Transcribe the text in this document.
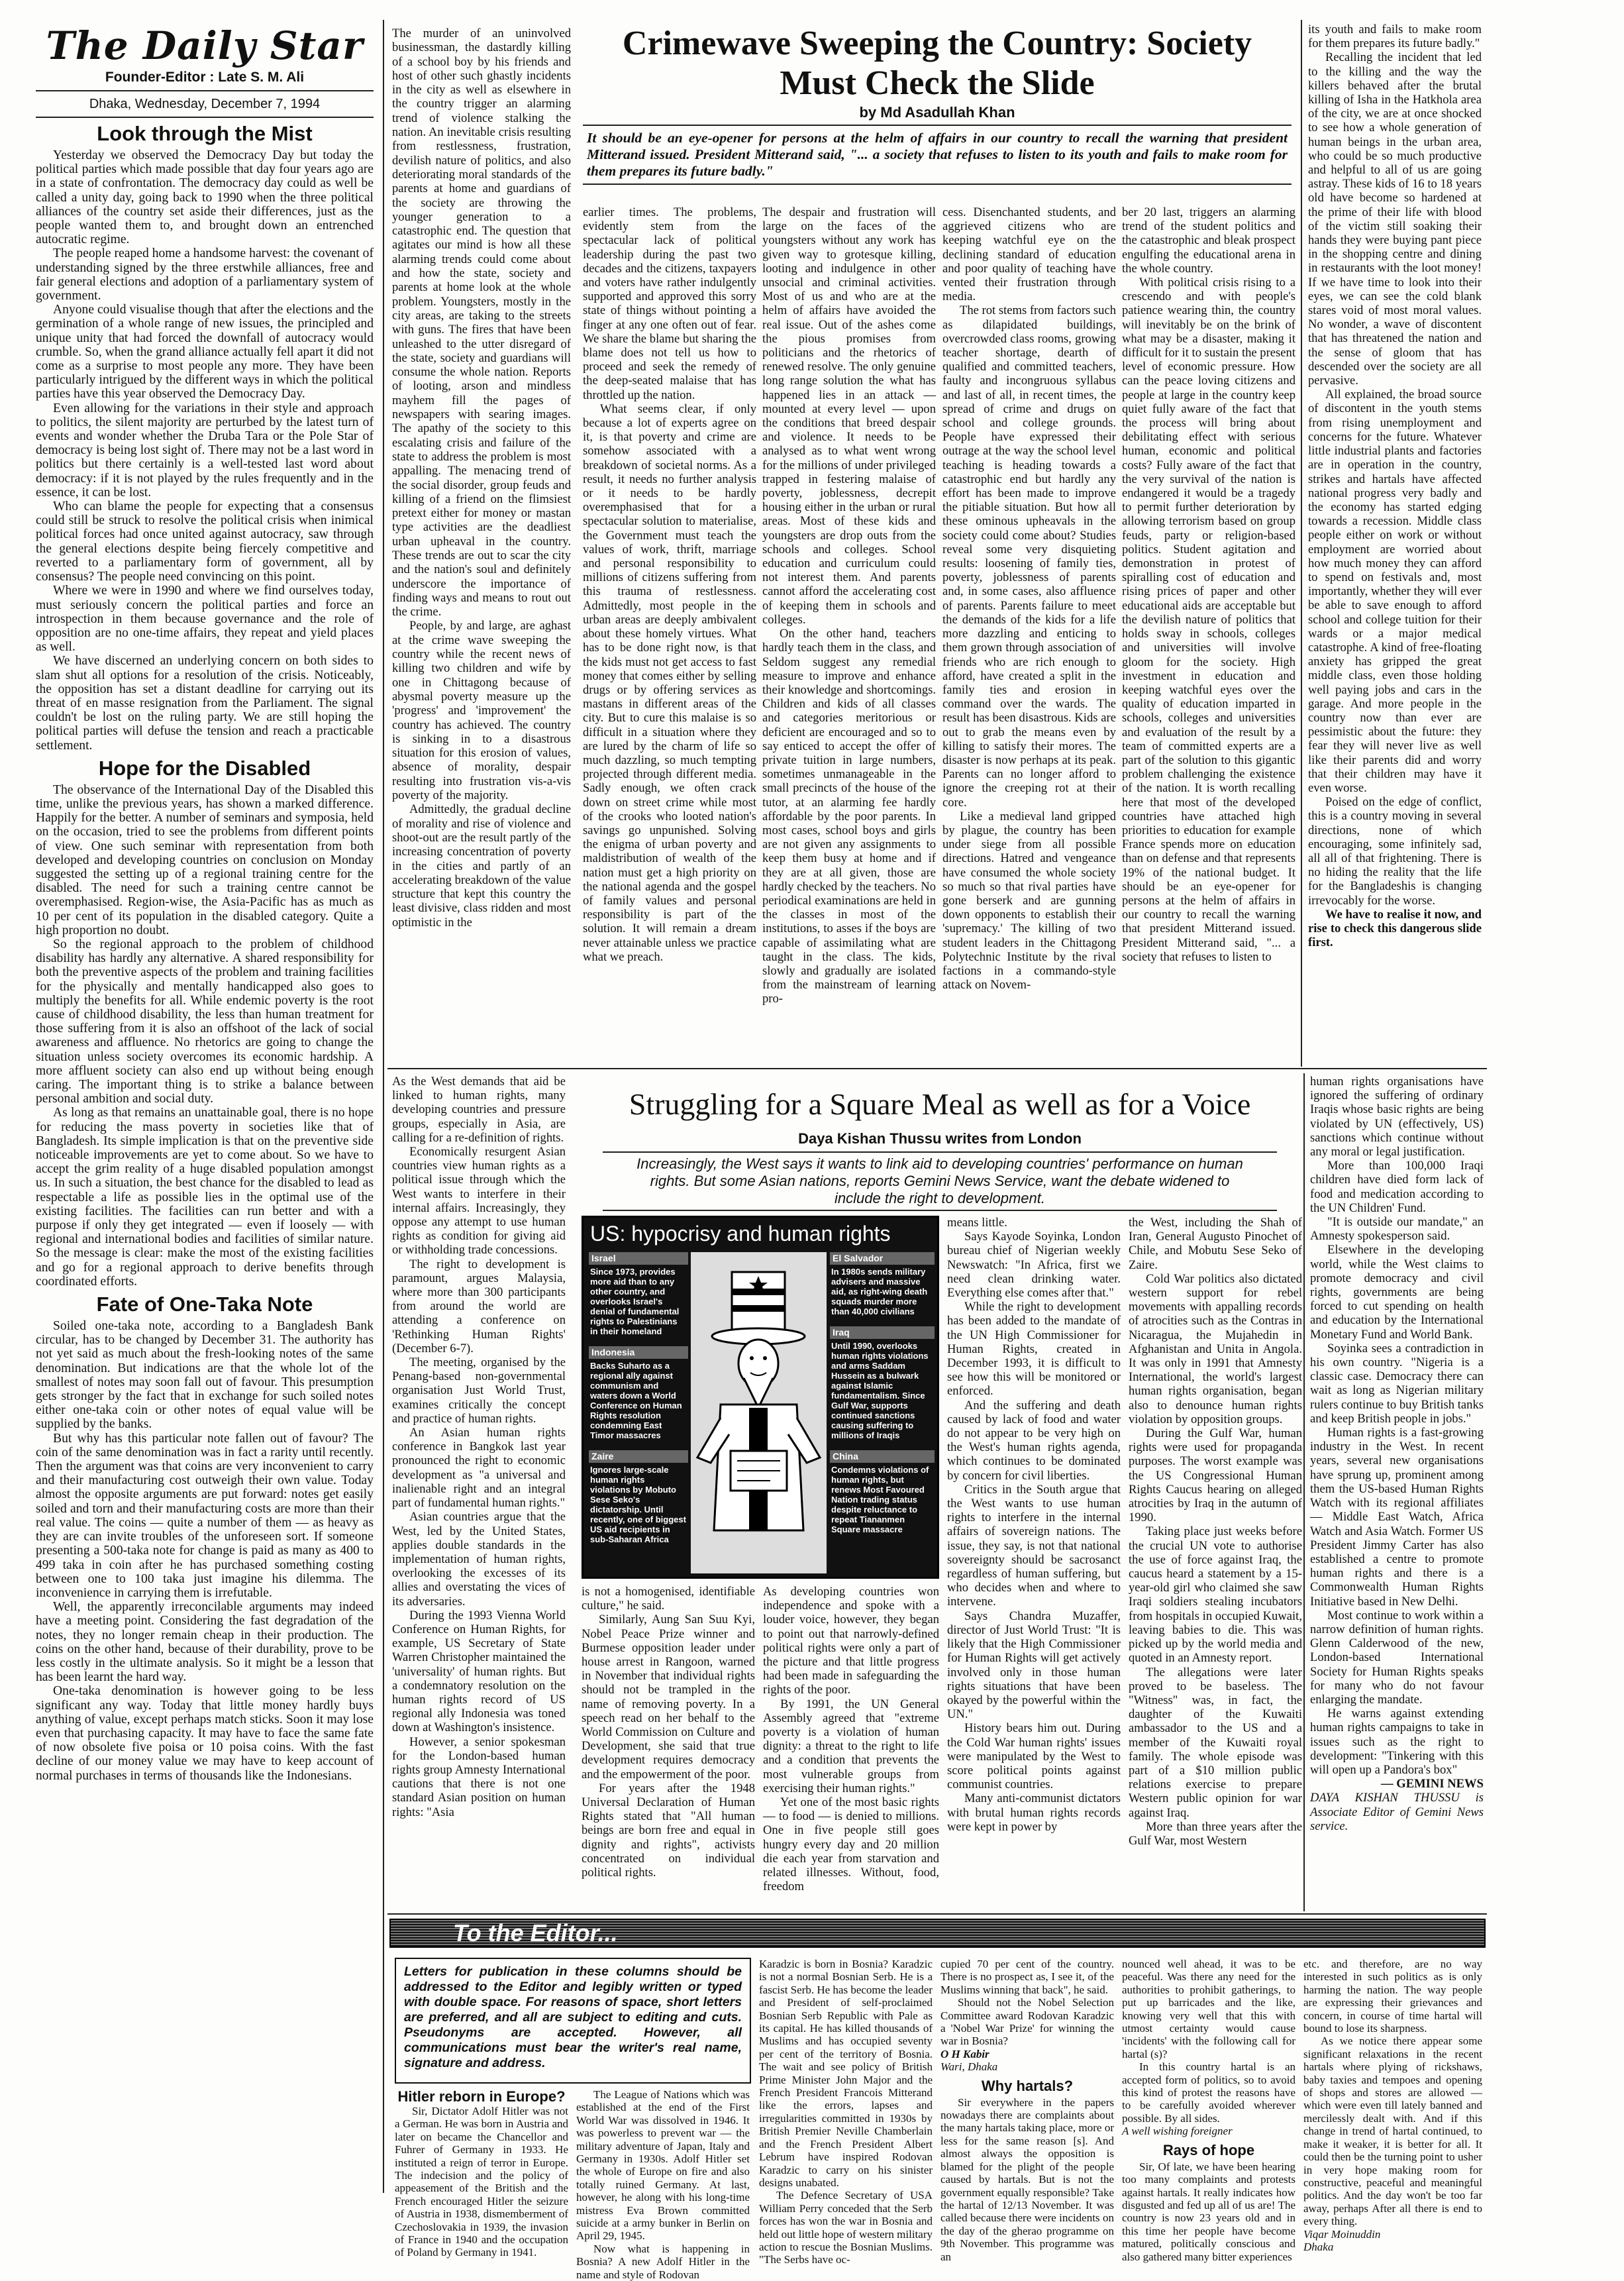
The Daily Star
Founder-Editor : Late S. M. Ali
Dhaka, Wednesday, December 7, 1994
Look through the Mist

Yesterday we observed the Democracy Day but today the political parties which made possible that day four years ago are in a state of confrontation. The democracy day could as well be called a unity day, going back to 1990 when the three political alliances of the country set aside their differences, just as the people wanted them to, and brought down an entrenched autocratic regime.

The people reaped home a handsome harvest: the covenant of understanding signed by the three erstwhile alliances, free and fair general elections and adoption of a parliamentary system of government.

Anyone could visualise though that after the elections and the germination of a whole range of new issues, the principled and unique unity that had forced the downfall of autocracy would crumble. So, when the grand alliance actually fell apart it did not come as a surprise to most people any more. They have been particularly intrigued by the different ways in which the political parties have this year observed the Democracy Day.

Even allowing for the variations in their style and approach to politics, the silent majority are perturbed by the latest turn of events and wonder whether the Druba Tara or the Pole Star of democracy is being lost sight of. There may not be a last word in politics but there certainly is a well-tested last word about democracy: if it is not played by the rules frequently and in the essence, it can be lost.

Who can blame the people for expecting that a consensus could still be struck to resolve the political crisis when inimical political forces had once united against autocracy, saw through the general elections despite being fiercely competitive and reverted to a parliamentary form of government, all by consensus? The people need convincing on this point.

Where we were in 1990 and where we find ourselves today, must seriously concern the political parties and force an introspection in them because governance and the role of opposition are no one-time affairs, they repeat and yield places as well.

We have discerned an underlying concern on both sides to slam shut all options for a resolution of the crisis. Noticeably, the opposition has set a distant deadline for carrying out its threat of en masse resignation from the Parliament. The signal couldn't be lost on the ruling party. We are still hoping the political parties will defuse the tension and reach a practicable settlement.

Hope for the Disabled

The observance of the International Day of the Disabled this time, unlike the previous years, has shown a marked difference. Happily for the better. A number of seminars and symposia, held on the occasion, tried to see the problems from different points of view. One such seminar with representation from both developed and developing countries on conclusion on Monday suggested the setting up of a regional training centre for the disabled. The need for such a training centre cannot be overemphasised. Region-wise, the Asia-Pacific has as much as 10 per cent of its population in the disabled category. Quite a high proportion no doubt.

So the regional approach to the problem of childhood disability has hardly any alternative. A shared responsibility for both the preventive aspects of the problem and training facilities for the physically and mentally handicapped also goes to multiply the benefits for all. While endemic poverty is the root cause of childhood disability, the less than human treatment for those suffering from it is also an offshoot of the lack of social awareness and affluence. No rhetorics are going to change the situation unless society overcomes its economic hardship. A more affluent society can also end up without being enough caring. The important thing is to strike a balance between personal ambition and social duty.

As long as that remains an unattainable goal, there is no hope for reducing the mass poverty in societies like that of Bangladesh. Its simple implication is that on the preventive side noticeable improvements are yet to come about. So we have to accept the grim reality of a huge disabled population amongst us. In such a situation, the best chance for the disabled to lead as respectable a life as possible lies in the optimal use of the existing facilities. The facilities can run better and with a purpose if only they get integrated — even if loosely — with regional and international bodies and facilities of similar nature. So the message is clear: make the most of the existing facilities and go for a regional approach to derive benefits through coordinated efforts.

Fate of One-Taka Note

Soiled one-taka note, according to a Bangladesh Bank circular, has to be changed by December 31. The authority has not yet said as much about the fresh-looking notes of the same denomination. But indications are that the whole lot of the smallest of notes may soon fall out of favour. This presumption gets stronger by the fact that in exchange for such soiled notes either one-taka coin or other notes of equal value will be supplied by the banks.

But why has this particular note fallen out of favour? The coin of the same denomination was in fact a rarity until recently. Then the argument was that coins are very inconvenient to carry and their manufacturing cost outweigh their own value. Today almost the opposite arguments are put forward: notes get easily soiled and torn and their manufacturing costs are more than their real value. The coins — quite a number of them — as heavy as they are can invite troubles of the unforeseen sort. If someone presenting a 500-taka note for change is paid as many as 400 to 499 taka in coin after he has purchased something costing between one to 100 taka just imagine his dilemma. The inconvenience in carrying them is irrefutable.

Well, the apparently irreconcilable arguments may indeed have a meeting point. Considering the fast degradation of the notes, they no longer remain cheap in their production. The coins on the other hand, because of their durability, prove to be less costly in the ultimate analysis. So it might be a lesson that has been learnt the hard way.

One-taka denomination is however going to be less significant any way. Today that little money hardly buys anything of value, except perhaps match sticks. Soon it may lose even that purchasing capacity. It may have to face the same fate of now obsolete five poisa or 10 poisa coins. With the fast decline of our money value we may have to keep account of normal purchases in terms of thousands like the Indonesians.

The murder of an uninvolved businessman, the dastardly killing of a school boy by his friends and host of other such ghastly incidents in the city as well as elsewhere in the country trigger an alarming trend of violence stalking the nation. An inevitable crisis resulting from restlessness, frustration, devilish nature of politics, and also deteriorating moral standards of the parents at home and guardians of the society are throwing the younger generation to a catastrophic end. The question that agitates our mind is how all these alarming trends could come about and how the state, society and parents at home look at the whole problem. Youngsters, mostly in the city areas, are taking to the streets with guns. The fires that have been unleashed to the utter disregard of the state, society and guardians will consume the whole nation. Reports of looting, arson and mindless mayhem fill the pages of newspapers with searing images. The apathy of the society to this escalating crisis and failure of the state to address the problem is most appalling. The menacing trend of the social disorder, group feuds and killing of a friend on the flimsiest pretext either for money or mastan type activities are the deadliest urban upheaval in the country. These trends are out to scar the city and the nation's soul and definitely underscore the importance of finding ways and means to rout out the crime.

People, by and large, are aghast at the crime wave sweeping the country while the recent news of killing two children and wife by one in Chittagong because of abysmal poverty measure up the 'progress' and 'improvement' the country has achieved. The country is sinking in to a disastrous situation for this erosion of values, absence of morality, despair resulting into frustration vis-a-vis poverty of the majority.

Admittedly, the gradual decline of morality and rise of violence and shoot-out are the result partly of the increasing concentration of poverty in the cities and partly of an accelerating breakdown of the value structure that kept this country the least divisive, class ridden and most optimistic in the

Crimewave Sweeping the Country: Society
Must Check the Slide
by Md Asadullah Khan
It should be an eye-opener for persons at the helm of affairs in our country to recall the warning that president Mitterand issued. President Mitterand said, "... a society that refuses to listen to its youth and fails to make room for them prepares its future badly."

earlier times. The problems, evidently stem from the spectacular lack of political leadership during the past two decades and the citizens, taxpayers and voters have rather indulgently supported and approved this sorry state of things without pointing a finger at any one often out of fear. We share the blame but sharing the blame does not tell us how to proceed and seek the remedy of the deep-seated malaise that has throttled up the nation.

What seems clear, if only because a lot of experts agree on it, is that poverty and crime are somehow associated with a breakdown of societal norms. As a result, it needs no further analysis or it needs to be hardly overemphasised that for a spectacular solution to materialise, the Government must teach the values of work, thrift, marriage and personal responsibility to millions of citizens suffering from this trauma of restlessness. Admittedly, most people in the urban areas are deeply ambivalent about these homely virtues. What has to be done right now, is that the kids must not get access to fast money that comes either by selling drugs or by offering services as mastans in different areas of the city. But to cure this malaise is so difficult in a situation where they are lured by the charm of life so much dazzling, so much tempting projected through different media. Sadly enough, we often crack down on street crime while most of the crooks who looted nation's savings go unpunished. Solving the enigma of urban poverty and maldistribution of wealth of the nation must get a high priority on the national agenda and the gospel of family values and personal responsibility is part of the solution. It will remain a dream never attainable unless we practice what we preach.

The despair and frustration will large on the faces of the youngsters without any work has given way to grotesque killing, looting and indulgence in other unsocial and criminal activities. Most of us and who are at the helm of affairs have avoided the real issue. Out of the ashes come the pious promises from politicians and the rhetorics of renewed resolve. The only genuine long range solution the what has happened lies in an attack — mounted at every level — upon the conditions that breed despair and violence. It needs to be analysed as to what went wrong for the millions of under privileged trapped in festering malaise of poverty, joblessness, decrepit housing either in the urban or rural areas. Most of these kids and youngsters are drop outs from the schools and colleges. School education and curriculum could not interest them. And parents cannot afford the accelerating cost of keeping them in schools and colleges.

On the other hand, teachers hardly teach them in the class, and Seldom suggest any remedial measure to improve and enhance their knowledge and shortcomings. Children and kids of all classes and categories meritorious or deficient are encouraged and so to say enticed to accept the offer of private tuition in large numbers, sometimes unmanageable in the small precincts of the house of the tutor, at an alarming fee hardly affordable by the poor parents. In most cases, school boys and girls are not given any assignments to keep them busy at home and if they are at all given, those are hardly checked by the teachers. No periodical examinations are held in the classes in most of the institutions, to asses if the boys are capable of assimilating what are taught in the class. The kids, slowly and gradually are isolated from the mainstream of learning pro-

cess. Disenchanted students, and aggrieved citizens who are keeping watchful eye on the declining standard of education and poor quality of teaching have vented their frustration through media.

The rot stems from factors such as dilapidated buildings, overcrowded class rooms, growing teacher shortage, dearth of qualified and committed teachers, faulty and incongruous syllabus and last of all, in recent times, the spread of crime and drugs on school and college grounds. People have expressed their outrage at the way the school level teaching is heading towards a catastrophic end but hardly any effort has been made to improve the pitiable situation. But how all these ominous upheavals in the society could come about? Studies reveal some very disquieting results: loosening of family ties, poverty, joblessness of parents and, in some cases, also affluence of parents. Parents failure to meet the demands of the kids for a life more dazzling and enticing to them grown through association of friends who are rich enough to afford, have created a split in the family ties and erosion in command over the wards. The result has been disastrous. Kids are out to grab the means even by killing to satisfy their mores. The disaster is now perhaps at its peak. Parents can no longer afford to ignore the creeping rot at their core.

Like a medieval land gripped by plague, the country has been under siege from all possible directions. Hatred and vengeance have consumed the whole society so much so that rival parties have gone berserk and are gunning down opponents to establish their 'supremacy.' The killing of two student leaders in the Chittagong Polytechnic Institute by the rival factions in a commando-style attack on Novem-

ber 20 last, triggers an alarming trend of the student politics and the catastrophic and bleak prospect engulfing the educational arena in the whole country.

With political crisis rising to a crescendo and with people's patience wearing thin, the country will inevitably be on the brink of what may be a disaster, making it difficult for it to sustain the present level of economic pressure. How can the peace loving citizens and people at large in the country keep quiet fully aware of the fact that the process will bring about debilitating effect with serious human, economic and political costs? Fully aware of the fact that the very survival of the nation is endangered it would be a tragedy to permit further deterioration by allowing terrorism based on group feuds, party or religion-based politics. Student agitation and demonstration in protest of spiralling cost of education and rising prices of paper and other educational aids are acceptable but the devilish nature of politics that holds sway in schools, colleges and universities will involve gloom for the society. High investment in education and keeping watchful eyes over the quality of education imparted in schools, colleges and universities and evaluation of the result by a team of committed experts are a part of the solution to this gigantic problem challenging the existence of the nation. It is worth recalling here that most of the developed countries have attached high priorities to education for example France spends more on education than on defense and that represents 19% of the national budget. It should be an eye-opener for persons at the helm of affairs in our country to recall the warning that president Mitterand issued. President Mitterand said, "... a society that refuses to listen to

its youth and fails to make room for them prepares its future badly."

Recalling the incident that led to the killing and the way the killers behaved after the brutal killing of Isha in the Hatkhola area of the city, we are at once shocked to see how a whole generation of human beings in the urban area, who could be so much productive and helpful to all of us are going astray. These kids of 16 to 18 years old have become so hardened at the prime of their life with blood of the victim still soaking their hands they were buying pant piece in the shopping centre and dining in restaurants with the loot money! If we have time to look into their eyes, we can see the cold blank stares void of most moral values. No wonder, a wave of discontent that has threatened the nation and the sense of gloom that has descended over the society are all pervasive.

All explained, the broad source of discontent in the youth stems from rising unemployment and concerns for the future. Whatever little industrial plants and factories are in operation in the country, strikes and hartals have affected national progress very badly and the economy has started edging towards a recession. Middle class people either on work or without employment are worried about how much money they can afford to spend on festivals and, most importantly, whether they will ever be able to save enough to afford school and college tuition for their wards or a major medical catastrophe. A kind of free-floating anxiety has gripped the great middle class, even those holding well paying jobs and cars in the garage. And more people in the country now than ever are pessimistic about the future: they fear they will never live as well like their parents did and worry that their children may have it even worse.

Poised on the edge of conflict, this is a country moving in several directions, none of which encouraging, some infinitely sad, all all of that frightening. There is no hiding the reality that the life for the Bangladeshis is changing irrevocably for the worse.

We have to realise it now, and rise to check this dangerous slide first.

As the West demands that aid be linked to human rights, many developing countries and pressure groups, especially in Asia, are calling for a re-definition of rights.

Economically resurgent Asian countries view human rights as a political issue through which the West wants to interfere in their internal affairs. Increasingly, they oppose any attempt to use human rights as condition for giving aid or withholding trade concessions.

The right to development is paramount, argues Malaysia, where more than 300 participants from around the world are attending a conference on 'Rethinking Human Rights' (December 6-7).

The meeting, organised by the Penang-based non-governmental organisation Just World Trust, examines critically the concept and practice of human rights.

An Asian human rights conference in Bangkok last year pronounced the right to economic development as "a universal and inalienable right and an integral part of fundamental human rights."

Asian countries argue that the West, led by the United States, applies double standards in the implementation of human rights, overlooking the excesses of its allies and overstating the vices of its adversaries.

During the 1993 Vienna World Conference on Human Rights, for example, US Secretary of State Warren Christopher maintained the 'universality' of human rights. But a condemnatory resolution on the human rights record of US regional ally Indonesia was toned down at Washington's insistence.

However, a senior spokesman for the London-based human rights group Amnesty International cautions that there is not one standard Asian position on human rights: "Asia

Struggling for a Square Meal as well as for a Voice
Daya Kishan Thussu writes from London
Increasingly, the West says it wants to link aid to developing countries' performance on human rights. But some Asian nations, reports Gemini News Service, want the debate widened to include the right to development.
US: hypocrisy and human rights
Israel
Since 1973, provides more aid than to any other country, and overlooks Israel's denial of fundamental rights to Palestinians in their homeland
Indonesia
Backs Suharto as a regional ally against communism and waters down a World Conference on Human Rights resolution condemning East Timor massacres
Zaire
Ignores large-scale human rights violations by Mobuto Sese Seko's dictatorship. Until recently, one of biggest US aid recipients in sub-Saharan Africa
El Salvador
In 1980s sends military advisers and massive aid, as right-wing death squads murder more than 40,000 civilians
Iraq
Until 1990, overlooks human rights violations and arms Saddam Hussein as a bulwark against Islamic fundamentalism. Since Gulf War, supports continued sanctions causing suffering to millions of Iraqis
China
Condemns violations of human rights, but renews Most Favoured Nation trading status despite reluctance to repeat Tiananmen Square massacre

is not a homogenised, identifiable culture," he said.

Similarly, Aung San Suu Kyi, Nobel Peace Prize winner and Burmese opposition leader under house arrest in Rangoon, warned in November that individual rights should not be trampled in the name of removing poverty. In a speech read on her behalf to the World Commission on Culture and Development, she said that true development requires democracy and the empowerment of the poor.

For years after the 1948 Universal Declaration of Human Rights stated that "All human beings are born free and equal in dignity and rights", activists concentrated on individual political rights.

As developing countries won independence and spoke with a louder voice, however, they began to point out that narrowly-defined political rights were only a part of the picture and that little progress had been made in safeguarding the rights of the poor.

By 1991, the UN General Assembly agreed that "extreme poverty is a violation of human dignity: a threat to the right to life and a condition that prevents the most vulnerable groups from exercising their human rights."

Yet one of the most basic rights — to food — is denied to millions. One in five people still goes hungry every day and 20 million die each year from starvation and related illnesses. Without, food, freedom

means little.

Says Kayode Soyinka, London bureau chief of Nigerian weekly Newswatch: "In Africa, first we need clean drinking water. Everything else comes after that."

While the right to development has been added to the mandate of the UN High Commissioner for Human Rights, created in December 1993, it is difficult to see how this will be monitored or enforced.

And the suffering and death caused by lack of food and water do not appear to be very high on the West's human rights agenda, which continues to be dominated by concern for civil liberties.

Critics in the South argue that the West wants to use human rights to interfere in the internal affairs of sovereign nations. The issue, they say, is not that national sovereignty should be sacrosanct regardless of human suffering, but who decides when and where to intervene.

Says Chandra Muzaffer, director of Just World Trust: "It is likely that the High Commissioner for Human Rights will get actively involved only in those human rights situations that have been okayed by the powerful within the UN."

History bears him out. During the Cold War human rights' issues were manipulated by the West to score political points against communist countries.

Many anti-communist dictators with brutal human rights records were kept in power by

the West, including the Shah of Iran, General Augusto Pinochet of Chile, and Mobutu Sese Seko of Zaire.

Cold War politics also dictated western support for rebel movements with appalling records of atrocities such as the Contras in Nicaragua, the Mujahedin in Afghanistan and Unita in Angola. It was only in 1991 that Amnesty International, the world's largest human rights organisation, began also to denounce human rights violation by opposition groups.

During the Gulf War, human rights were used for propaganda purposes. The worst example was the US Congressional Human Rights Caucus hearing on alleged atrocities by Iraq in the autumn of 1990.

Taking place just weeks before the crucial UN vote to authorise the use of force against Iraq, the caucus heard a statement by a 15-year-old girl who claimed she saw Iraqi soldiers stealing incubators from hospitals in occupied Kuwait, leaving babies to die. This was picked up by the world media and quoted in an Amnesty report.

The allegations were later proved to be baseless. The "Witness" was, in fact, the daughter of the Kuwaiti ambassador to the US and a member of the Kuwaiti royal family. The whole episode was part of a $10 million public relations exercise to prepare Western public opinion for war against Iraq.

More than three years after the Gulf War, most Western

human rights organisations have ignored the suffering of ordinary Iraqis whose basic rights are being violated by UN (effectively, US) sanctions which continue without any moral or legal justification.

More than 100,000 Iraqi children have died form lack of food and medication according to the UN Children' Fund.

"It is outside our mandate," an Amnesty spokesperson said.

Elsewhere in the developing world, while the West claims to promote democracy and civil rights, governments are being forced to cut spending on health and education by the International Monetary Fund and World Bank.

Soyinka sees a contradiction in his own country. "Nigeria is a classic case. Democracy there can wait as long as Nigerian military rulers continue to buy British tanks and keep British people in jobs."

Human rights is a fast-growing industry in the West. In recent years, several new organisations have sprung up, prominent among them the US-based Human Rights Watch with its regional affiliates — Middle East Watch, Africa Watch and Asia Watch. Former US President Jimmy Carter has also established a centre to promote human rights and there is a Commonwealth Human Rights Initiative based in New Delhi.

Most continue to work within a narrow definition of human rights. Glenn Calderwood of the new, London-based International Society for Human Rights speaks for many who do not favour enlarging the mandate.

He warns against extending human rights campaigns to take in issues such as the right to development: "Tinkering with this will open up a Pandora's box"

— GEMINI NEWS

DAYA KISHAN THUSSU is Associate Editor of Gemini News service.

To the Editor...
Letters for publication in these columns should be addressed to the Editor and legibly written or typed with double space. For reasons of space, short letters are preferred, and all are subject to editing and cuts. Pseudonyms are accepted. However, all communications must bear the writer's real name, signature and address.
Hitler reborn in Europe?

Sir, Dictator Adolf Hitler was not a German. He was born in Austria and later on became the Chancellor and Fuhrer of Germany in 1933. He instituted a reign of terror in Europe. The indecision and the policy of appeasement of the British and the French encouraged Hitler the seizure of Austria in 1938, dismemberment of Czechoslovakia in 1939, the invasion of France in 1940 and the occupation of Poland by Germany in 1941.

The League of Nations which was established at the end of the First World War was dissolved in 1946. It was powerless to prevent war — the military adventure of Japan, Italy and Germany in 1930s. Adolf Hitler set the whole of Europe on fire and also totally ruined Germany. At last, however, he along with his long-time mistress Eva Brown committed suicide at a army bunker in Berlin on April 29, 1945.

Now what is happening in Bosnia? A new Adolf Hitler in the name and style of Rodovan

Karadzic is born in Bosnia? Karadzic is not a normal Bosnian Serb. He is a fascist Serb. He has become the leader and President of self-proclaimed Bosnian Serb Republic with Pale as its capital. He has killed thousands of Muslims and has occupied seventy per cent of the territory of Bosnia. The wait and see policy of British Prime Minister John Major and the French President Francois Mitterand like the errors, lapses and irregularities committed in 1930s by British Premier Neville Chamberlain and the French President Albert Lebrum have inspired Rodovan Karadzic to carry on his sinister designs unabated.

The Defence Secretary of USA William Perry conceded that the Serb forces has won the war in Bosnia and held out little hope of western military action to rescue the Bosnian Muslims. "The Serbs have oc-

cupied 70 per cent of the country. There is no prospect as, I see it, of the Muslims winning that back", he said.

Should not the Nobel Selection Committee award Rodovan Karadzic a 'Nobel War Prize' for winning the war in Bosnia?

O H Kabir

Wari, Dhaka

Why hartals?

Sir everywhere in the papers nowadays there are complaints about the many hartals taking place, more or less for the same reason [s]. And almost always the opposition is blamed for the plight of the people caused by hartals. But is not the government equally responsible? Take the hartal of 12/13 November. It was called because there were incidents on the day of the gherao programme on 9th November. This programme was an

nounced well ahead, it was to be peaceful. Was there any need for the authorities to prohibit gatherings, to put up barricades and the like, knowing very well that this with utmost certainty would cause 'incidents' with the following call for hartal (s)?

In this country hartal is an accepted form of politics, so to avoid this kind of protest the reasons have to be carefully avoided wherever possible. By all sides.

A well wishing foreigner

Rays of hope

Sir, Of late, we have been hearing too many complaints and protests against hartals. It really indicates how disgusted and fed up all of us are! The country is now 23 years old and in this time her people have become matured, politically conscious and also gathered many bitter experiences

etc. and therefore, are no way interested in such politics as is only harming the nation. The way people are expressing their grievances and concern, in course of time hartal will bound to lose its sharpness.

As we notice there appear some significant relaxations in the recent hartals where plying of rickshaws, baby taxies and tempoes and opening of shops and stores are allowed — which were even till lately banned and mercilessly dealt with. And if this change in trend of hartal continued, to make it weaker, it is better for all. It could then be the turning point to usher in very hope making room for constructive, peaceful and meaningful politics. And the day won't be too far away, perhaps After all there is end to every thing.

Viqar Moinuddin

Dhaka
